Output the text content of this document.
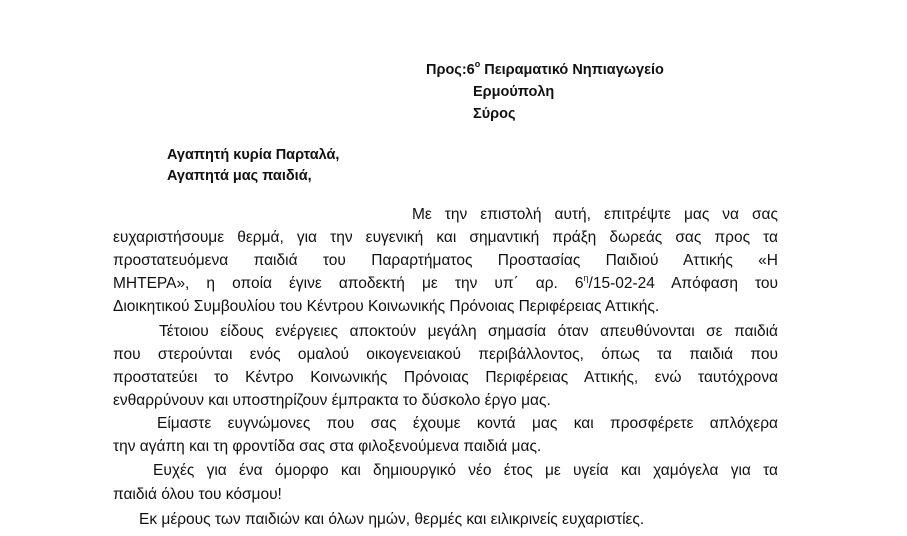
$\Pi\rho o\varsigma:6^o$ Πειραματικό Νηπιαγωγείο
Ερμούπολη
Σύρος
Αγαπητή κυρία Παρταλά,
Αγαπητά μας παιδιά,
Με την επιστολή αυτή, επιτρέψτε μας να σας
ευχαριστήσουμε θερμά, για την ευγενική και σημαντική πράξη δωρεάς σας προς τα
προστατευόμενα παιδιά του Παραρτήματος Προστασίας Παιδιού Αττικής «Η
ΜΗΤΕΡΑ», η οποία έγινε αποδεκτή με την υπ΄ αρ. $6^\eta/15-02-24$ Απόφαση του
Διοικητικού Συμβουλίου του Κέντρου Κοινωνικής Πρόνοιας Περιφέρειας Αττικής.
Τέτοιου είδους ενέργειες αποκτούν μεγάλη σημασία όταν απευθύνονται σε παιδιά
που στερούνται ενός ομαλού οικογενειακού περιβάλλοντος, όπως τα παιδιά που
προστατεύει το Κέντρο Κοινωνικής Πρόνοιας Περιφέρειας Αττικής, ενώ ταυτόχρονα
ενθαρρύνουν και υποστηρίζουν έμπρακτα το δύσκολο έργο μας.
Είμαστε ευγνώμονες που σας έχουμε κοντά μας και προσφέρετε απλόχερα
την αγάπη και τη φροντίδα σας στα φιλοξενούμενα παιδιά μας.
Ευχές για ένα όμορφο και δημιουργικό νέο έτος με υγεία και χαμόγελα για τα
παιδιά όλου του κόσμου!
Εκ μέρους των παιδιών και όλων ημών, θερμές και ειλικρινείς ευχαριστίες.
